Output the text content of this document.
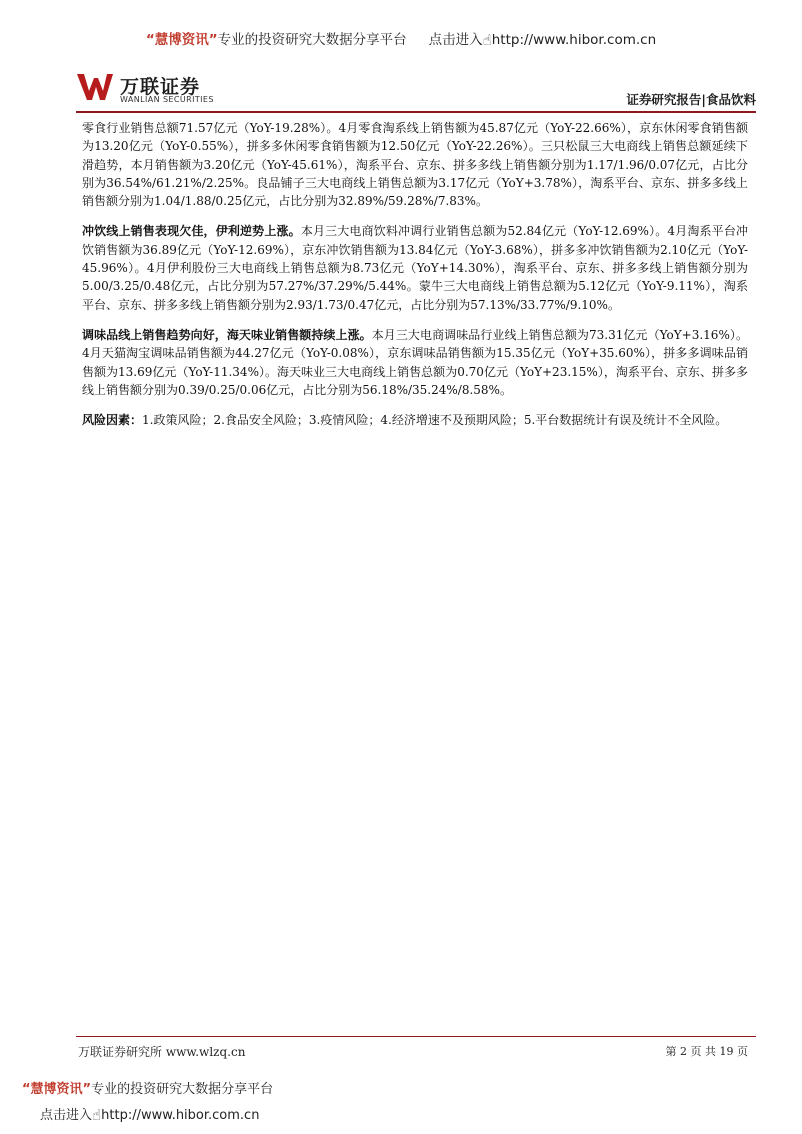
“慧博资讯”专业的投资研究大数据分享平台 点击进入☝http://www.hibor.com.cn
万联证券
WANLIAN SECURITIES	证券研究报告|食品饮料

零食行业销售总额71.57亿元（YoY-19.28%）。4月零食淘系线上销售额为45.87亿元（YoY-22.66%），京东休闲零食销售额为13.20亿元（YoY-0.55%），拼多多休闲零食销售额为12.50亿元（YoY-22.26%）。三只松鼠三大电商线上销售总额延续下滑趋势，本月销售额为3.20亿元（YoY-45.61%），淘系平台、京东、拼多多线上销售额分别为1.17/1.96/0.07亿元，占比分别为36.54%/61.21%/2.25%。良品铺子三大电商线上销售总额为3.17亿元（YoY+3.78%），淘系平台、京东、拼多多线上销售额分别为1.04/1.88/0.25亿元，占比分别为32.89%/59.28%/7.83%。

冲饮线上销售表现欠佳，伊利逆势上涨。本月三大电商饮料冲调行业销售总额为52.84亿元（YoY-12.69%）。4月淘系平台冲饮销售额为36.89亿元（YoY-12.69%），京东冲饮销售额为13.84亿元（YoY-3.68%），拼多多冲饮销售额为2.10亿元（YoY-45.96%）。4月伊利股份三大电商线上销售总额为8.73亿元（YoY+14.30%），淘系平台、京东、拼多多线上销售额分别为5.00/3.25/0.48亿元，占比分别为57.27%/37.29%/5.44%。蒙牛三大电商线上销售总额为5.12亿元（YoY-9.11%），淘系平台、京东、拼多多线上销售额分别为2.93/1.73/0.47亿元，占比分别为57.13%/33.77%/9.10%。

调味品线上销售趋势向好，海天味业销售额持续上涨。本月三大电商调味品行业线上销售总额为73.31亿元（YoY+3.16%）。4月天猫淘宝调味品销售额为44.27亿元（YoY-0.08%），京东调味品销售额为15.35亿元（YoY+35.60%），拼多多调味品销售额为13.69亿元（YoY-11.34%）。海天味业三大电商线上销售总额为0.70亿元（YoY+23.15%），淘系平台、京东、拼多多线上销售额分别为0.39/0.25/0.06亿元，占比分别为56.18%/35.24%/8.58%。

风险因素：1.政策风险；2.食品安全风险；3.疫情风险；4.经济增速不及预期风险；5.平台数据统计有误及统计不全风险。

万联证券研究所 www.wlzq.cn	第 2 页 共 19 页
“慧博资讯”专业的投资研究大数据分享平台
点击进入☝http://www.hibor.com.cn
